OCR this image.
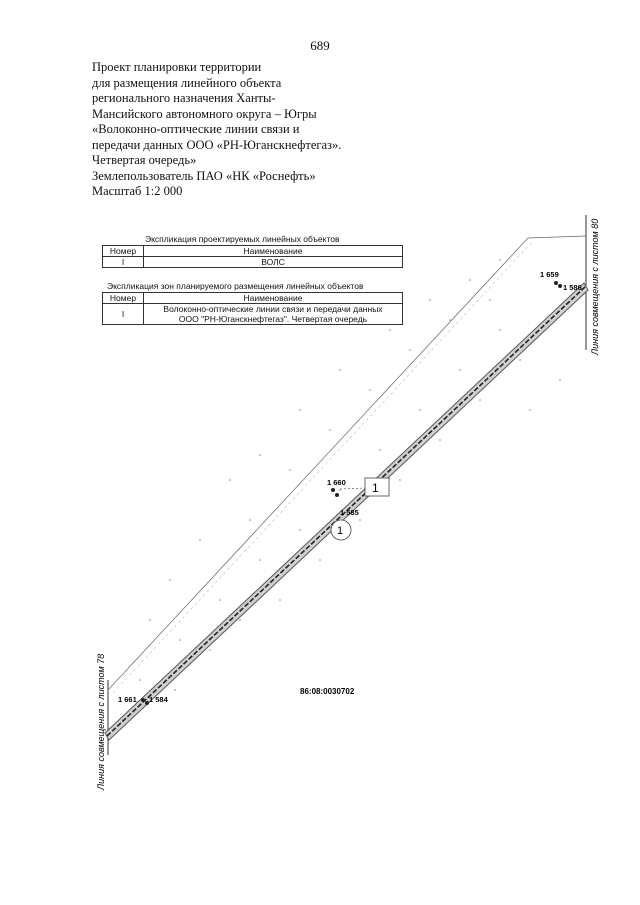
689
Проект планировки территории
для размещения линейного объекта
регионального назначения Ханты-
Мансийского автономного округа – Югры
«Волоконно-оптические линии связи и
передачи данных ООО «РН-Юганскнефтегаз».
Четвертая очередь»
Землепользователь ПАО «НК «Роснефть»
Масштаб 1:2 000
1 659
1 586
1 660
1 585
1 661 1 584
1
1
86:08:0030702
Линия совмещения с листом 78
Линия совмещения с листом 80
Экспликация проектируемых линейных объектов
Номер	Наименование
I	ВОЛС
Экспликация зон планируемого размещения линейных объектов
Номер	Наименование
I	Волоконно-оптические линии связи и передачи данных
ООО "РН-Юганскнефтегаз". Четвертая очередь
